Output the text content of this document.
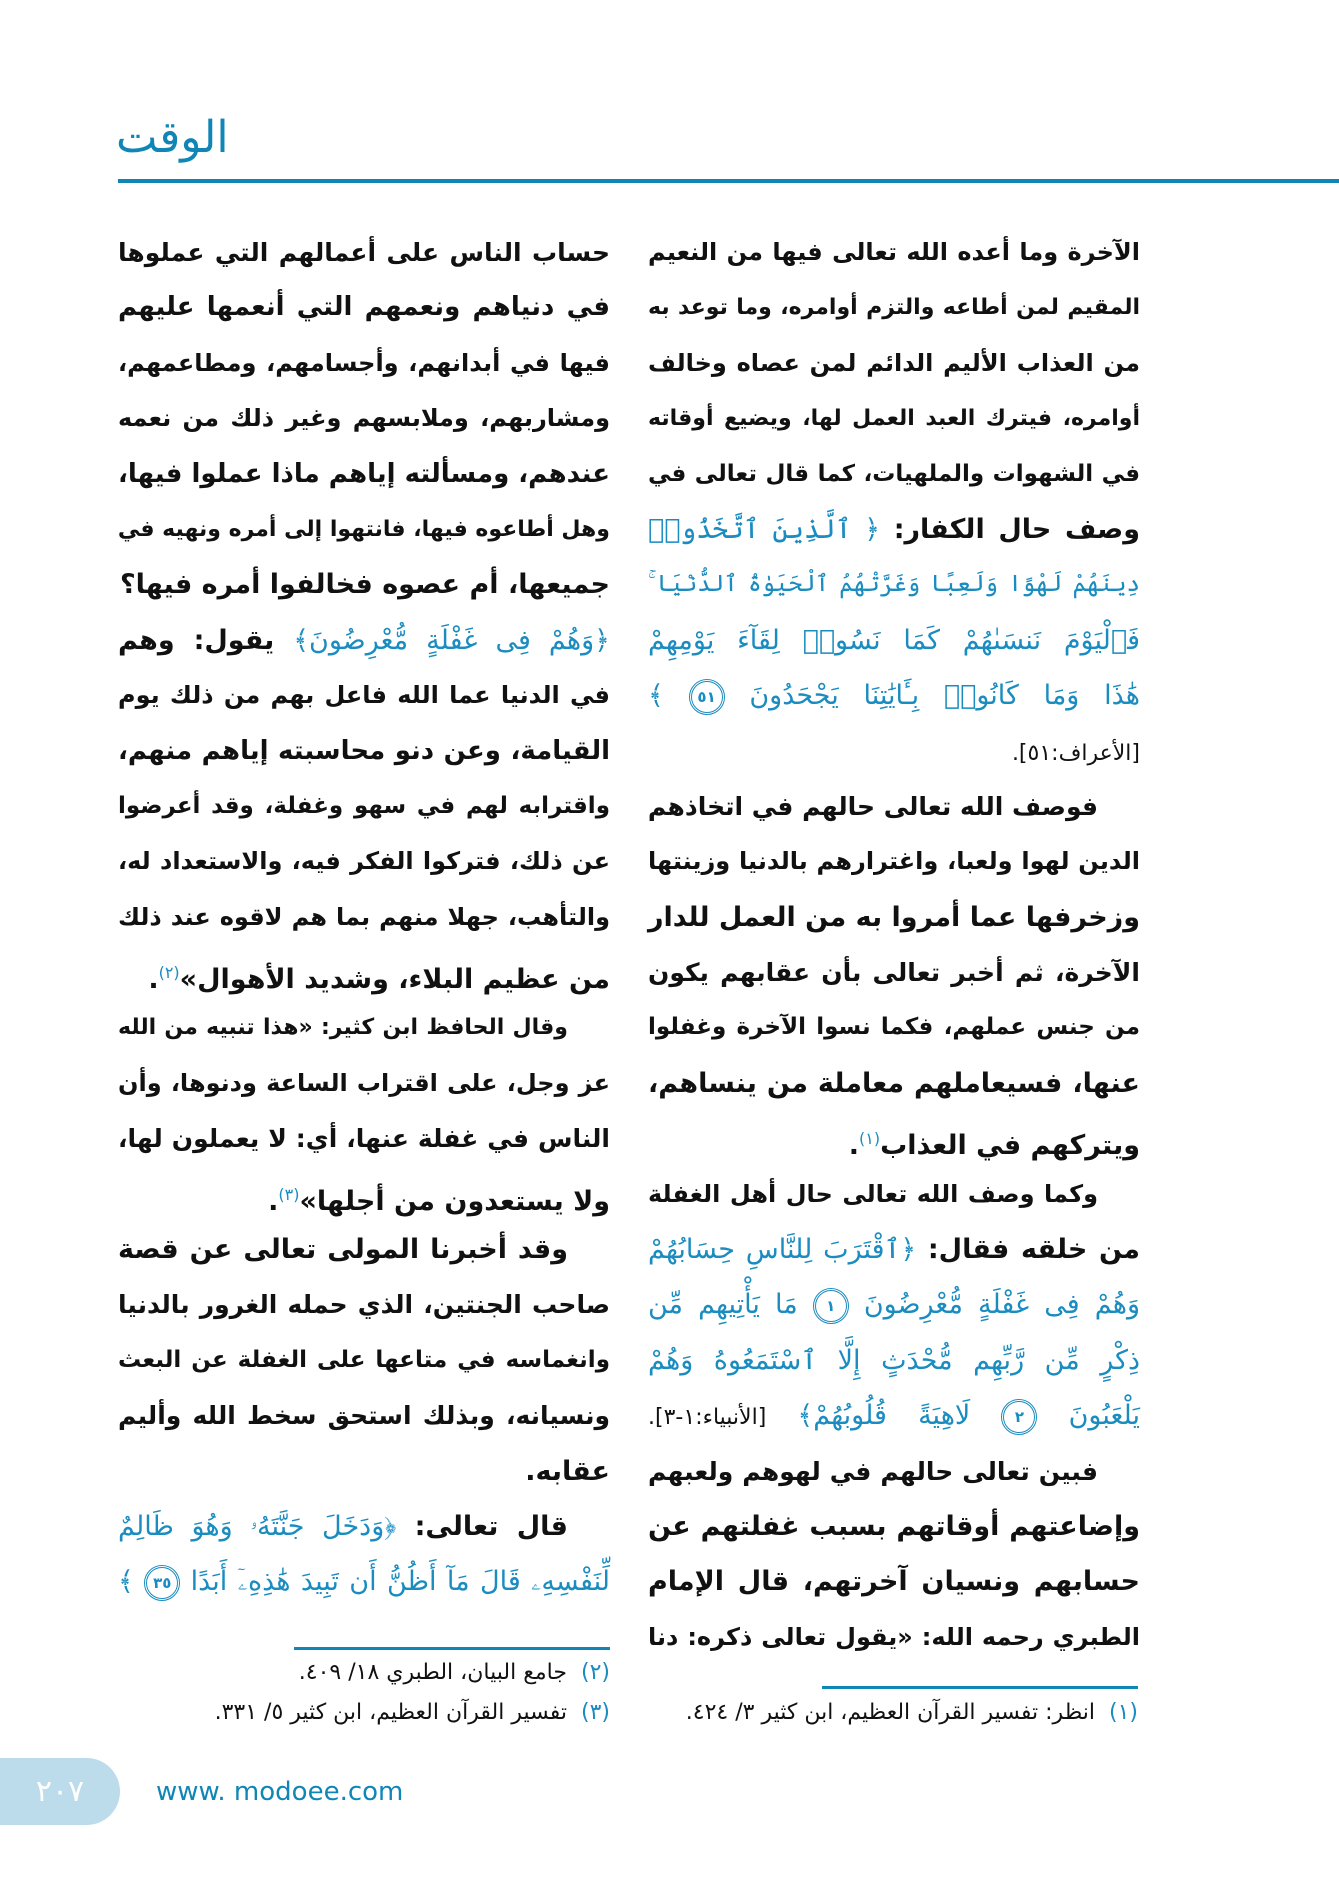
الوقت
الآخرة وما أعده الله تعالى فيها من النعيم
المقيم لمن أطاعه والتزم أوامره، وما توعد به
من العذاب الأليم الدائم لمن عصاه وخالف
أوامره، فيترك العبد العمل لها، ويضيع أوقاته
في الشهوات والملهيات، كما قال تعالى في
وصف حال الكفار: ﴿ ٱلَّذِينَ ٱتَّخَذُوا۟
دِينَهُمْ لَهْوًا وَلَعِبًا وَغَرَّتْهُمُ ٱلْحَيَوٰةُ ٱلدُّنْيَا ۚ
فَٱلْيَوْمَ نَنسَىٰهُمْ كَمَا نَسُوا۟ لِقَآءَ يَوْمِهِمْ
هَٰذَا وَمَا كَانُوا۟ بِـَٔايَٰتِنَا يَجْحَدُونَ ٥١ ﴾
[الأعراف:٥١].
فوصف الله تعالى حالهم في اتخاذهم
الدين لهوا ولعبا، واغترارهم بالدنيا وزينتها
وزخرفها عما أمروا به من العمل للدار
الآخرة، ثم أخبر تعالى بأن عقابهم يكون
من جنس عملهم، فكما نسوا الآخرة وغفلوا
عنها، فسيعاملهم معاملة من ينساهم،
ويتركهم في العذاب$^{(١)}$.
وكما وصف الله تعالى حال أهل الغفلة
من خلقه فقال: ﴿ٱقْتَرَبَ لِلنَّاسِ حِسَابُهُمْ
وَهُمْ فِى غَفْلَةٍ مُّعْرِضُونَ ١ مَا يَأْتِيهِم مِّن
ذِكْرٍ مِّن رَّبِّهِم مُّحْدَثٍ إِلَّا ٱسْتَمَعُوهُ وَهُمْ
يَلْعَبُونَ ٢ لَاهِيَةً قُلُوبُهُمْ﴾ [الأنبياء:١-٣].
فبين تعالى حالهم في لهوهم ولعبهم
وإضاعتهم أوقاتهم بسبب غفلتهم عن
حسابهم ونسيان آخرتهم، قال الإمام
الطبري رحمه الله: «يقول تعالى ذكره: دنا
حساب الناس على أعمالهم التي عملوها
في دنياهم ونعمهم التي أنعمها عليهم
فيها في أبدانهم، وأجسامهم، ومطاعمهم،
ومشاربهم، وملابسهم وغير ذلك من نعمه
عندهم، ومسألته إياهم ماذا عملوا فيها،
وهل أطاعوه فيها، فانتهوا إلى أمره ونهيه في
جميعها، أم عصوه فخالفوا أمره فيها؟
﴿وَهُمْ فِى غَفْلَةٍ مُّعْرِضُونَ﴾ يقول: وهم
في الدنيا عما الله فاعل بهم من ذلك يوم
القيامة، وعن دنو محاسبته إياهم منهم،
واقترابه لهم في سهو وغفلة، وقد أعرضوا
عن ذلك، فتركوا الفكر فيه، والاستعداد له،
والتأهب، جهلا منهم بما هم لاقوه عند ذلك
من عظيم البلاء، وشديد الأهوال»$^{(٢)}$.
وقال الحافظ ابن كثير: «هذا تنبيه من الله
عز وجل، على اقتراب الساعة ودنوها، وأن
الناس في غفلة عنها، أي: لا يعملون لها،
ولا يستعدون من أجلها»$^{(٣)}$.
وقد أخبرنا المولى تعالى عن قصة
صاحب الجنتين، الذي حمله الغرور بالدنيا
وانغماسه في متاعها على الغفلة عن البعث
ونسيانه، وبذلك استحق سخط الله وأليم
عقابه.
قال تعالى: ﴿وَدَخَلَ جَنَّتَهُۥ وَهُوَ ظَالِمٌ
لِّنَفْسِهِۦ قَالَ مَآ أَظُنُّ أَن تَبِيدَ هَٰذِهِۦٓ أَبَدًا ٣٥ ﴾
(١)انظر: تفسير القرآن العظيم، ابن كثير ٣/ ٤٢٤.
(٢)جامع البيان، الطبري ١٨/ ٤٠٩.
(٣)تفسير القرآن العظيم، ابن كثير ٥/ ٣٣١.
٢٠٧	www. modoee.com
